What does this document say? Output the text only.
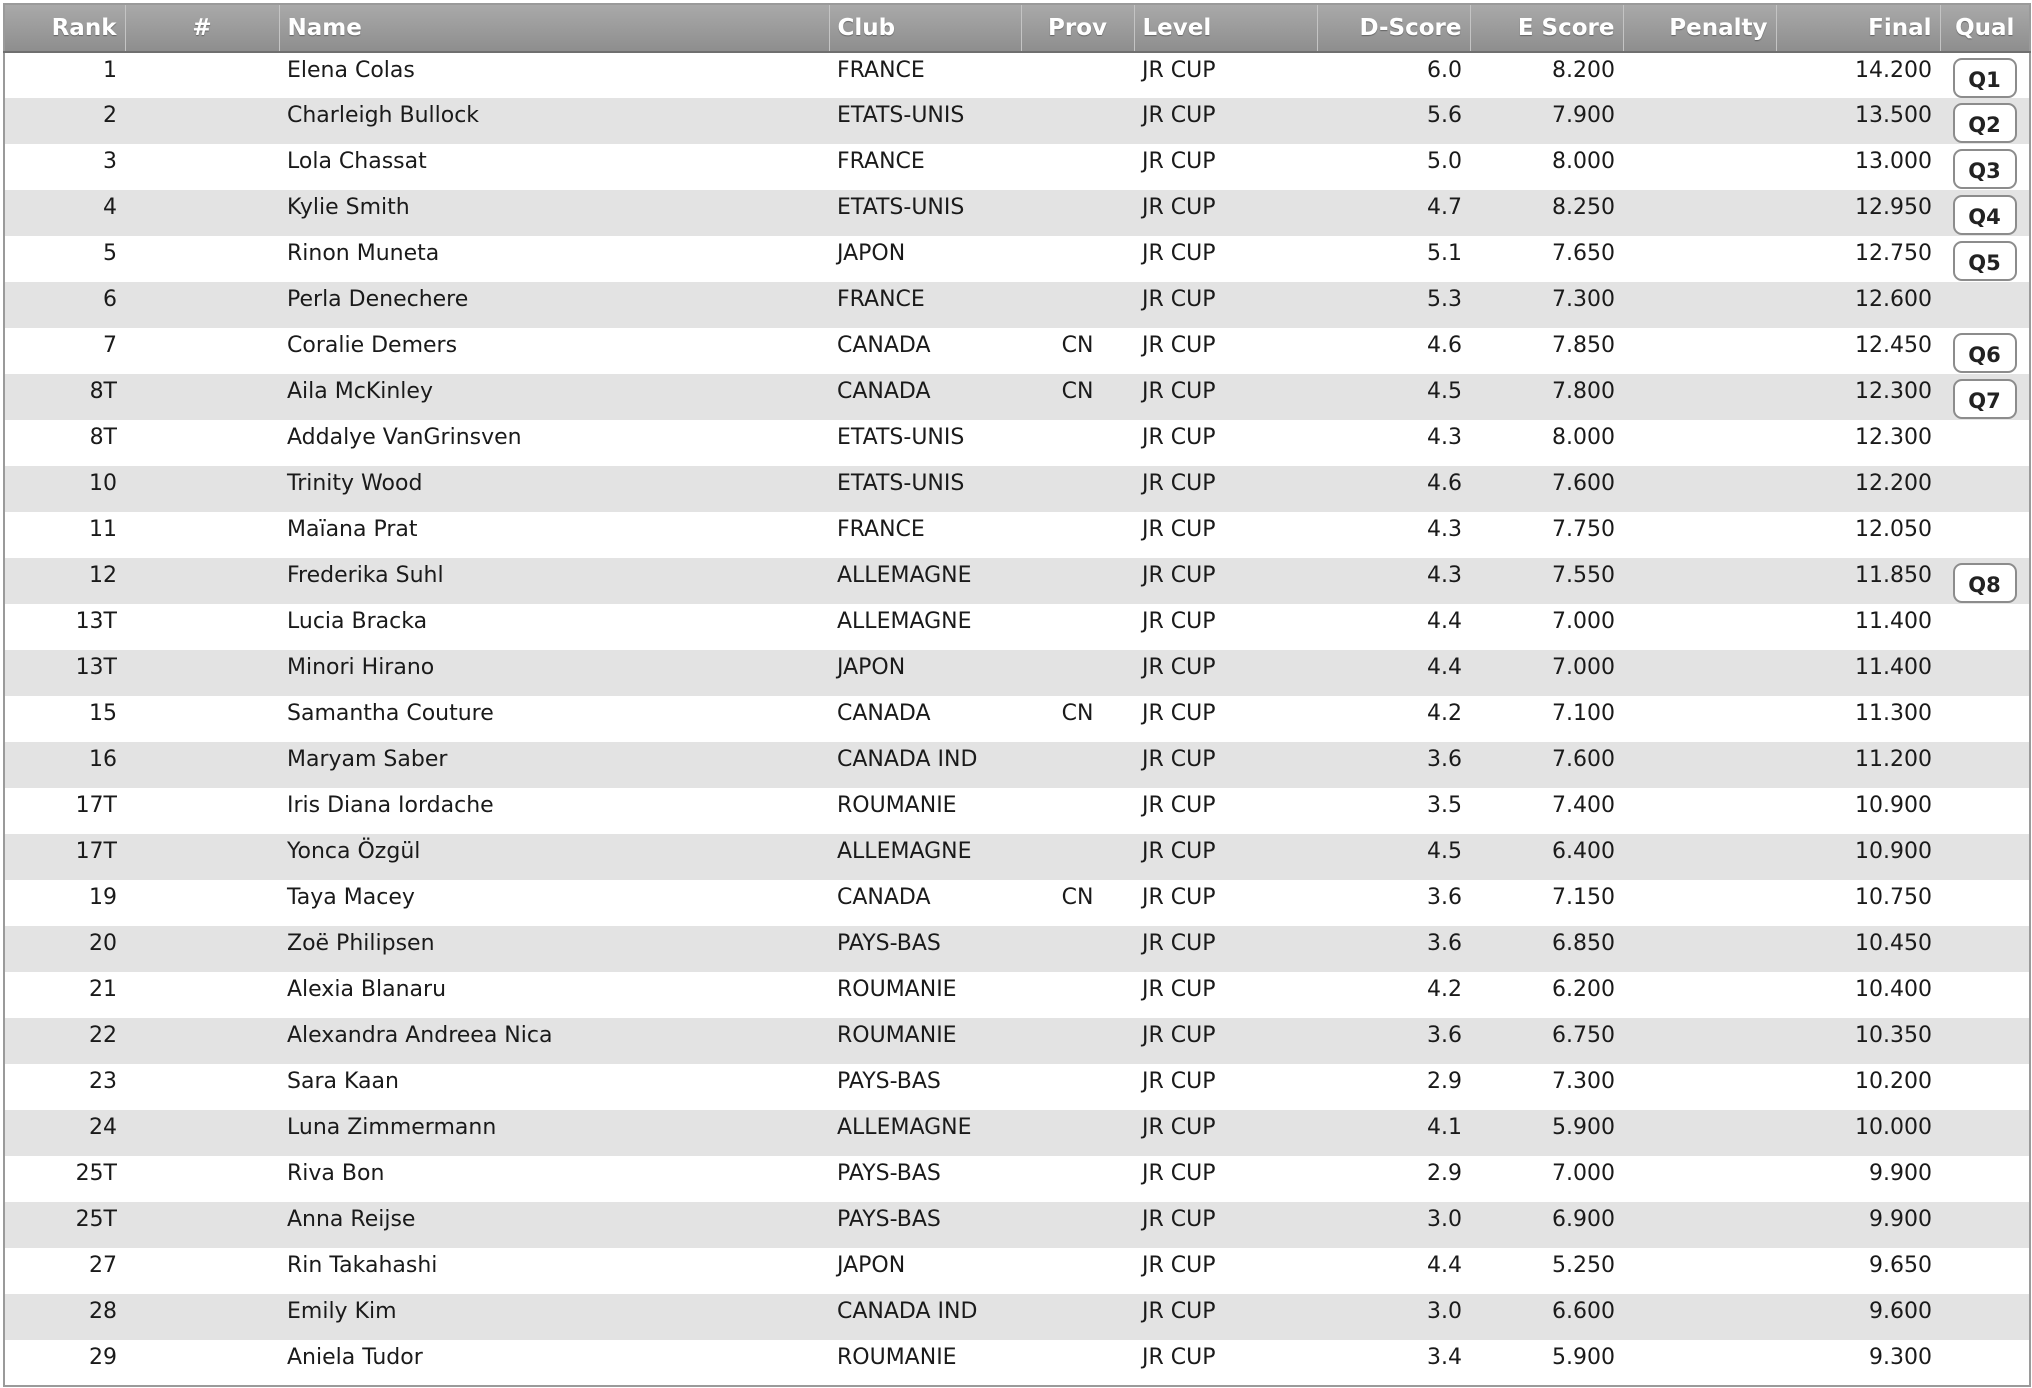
Rank	#	Name	Club	Prov	Level	D-Score	E Score	Penalty	Final	Qual
1		Elena Colas	FRANCE		JR CUP	6.0	8.200		14.200	Q1
2		Charleigh Bullock	ETATS-UNIS		JR CUP	5.6	7.900		13.500	Q2
3		Lola Chassat	FRANCE		JR CUP	5.0	8.000		13.000	Q3
4		Kylie Smith	ETATS-UNIS		JR CUP	4.7	8.250		12.950	Q4
5		Rinon Muneta	JAPON		JR CUP	5.1	7.650		12.750	Q5
6		Perla Denechere	FRANCE		JR CUP	5.3	7.300		12.600	
7		Coralie Demers	CANADA	CN	JR CUP	4.6	7.850		12.450	Q6
8T		Aila McKinley	CANADA	CN	JR CUP	4.5	7.800		12.300	Q7
8T		Addalye VanGrinsven	ETATS-UNIS		JR CUP	4.3	8.000		12.300	
10		Trinity Wood	ETATS-UNIS		JR CUP	4.6	7.600		12.200	
11		Maïana Prat	FRANCE		JR CUP	4.3	7.750		12.050	
12		Frederika Suhl	ALLEMAGNE		JR CUP	4.3	7.550		11.850	Q8
13T		Lucia Bracka	ALLEMAGNE		JR CUP	4.4	7.000		11.400	
13T		Minori Hirano	JAPON		JR CUP	4.4	7.000		11.400	
15		Samantha Couture	CANADA	CN	JR CUP	4.2	7.100		11.300	
16		Maryam Saber	CANADA IND		JR CUP	3.6	7.600		11.200	
17T		Iris Diana Iordache	ROUMANIE		JR CUP	3.5	7.400		10.900	
17T		Yonca Özgül	ALLEMAGNE		JR CUP	4.5	6.400		10.900	
19		Taya Macey	CANADA	CN	JR CUP	3.6	7.150		10.750	
20		Zoë Philipsen	PAYS-BAS		JR CUP	3.6	6.850		10.450	
21		Alexia Blanaru	ROUMANIE		JR CUP	4.2	6.200		10.400	
22		Alexandra Andreea Nica	ROUMANIE		JR CUP	3.6	6.750		10.350	
23		Sara Kaan	PAYS-BAS		JR CUP	2.9	7.300		10.200	
24		Luna Zimmermann	ALLEMAGNE		JR CUP	4.1	5.900		10.000	
25T		Riva Bon	PAYS-BAS		JR CUP	2.9	7.000		9.900	
25T		Anna Reijse	PAYS-BAS		JR CUP	3.0	6.900		9.900	
27		Rin Takahashi	JAPON		JR CUP	4.4	5.250		9.650	
28		Emily Kim	CANADA IND		JR CUP	3.0	6.600		9.600	
29		Aniela Tudor	ROUMANIE		JR CUP	3.4	5.900		9.300	
